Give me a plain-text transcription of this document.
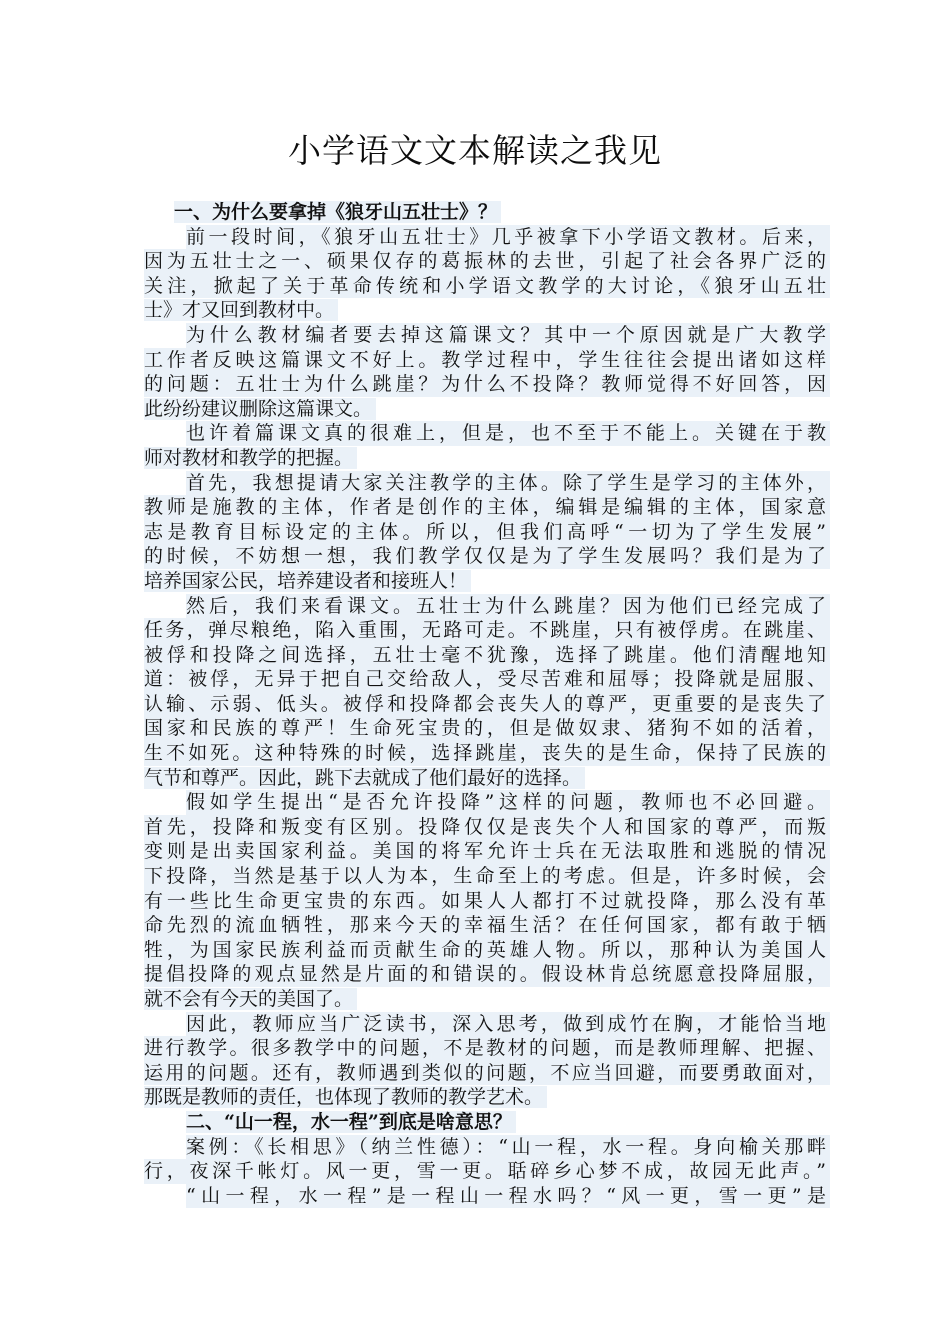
小学语文文本解读之我见
一、为什么要拿掉《狼牙山五壮士》？
前一段时间，《狼牙山五壮士》几乎被拿下小学语文教材。后来，
因为五壮士之一、硕果仅存的葛振林的去世，引起了社会各界广泛的
关注，掀起了关于革命传统和小学语文教学的大讨论，《狼牙山五壮
士》才又回到教材中。
为什么教材编者要去掉这篇课文？其中一个原因就是广大教学
工作者反映这篇课文不好上。教学过程中，学生往往会提出诸如这样
的问题：五壮士为什么跳崖？为什么不投降？教师觉得不好回答，因
此纷纷建议删除这篇课文。
也许着篇课文真的很难上，但是，也不至于不能上。关键在于教
师对教材和教学的把握。
首先，我想提请大家关注教学的主体。除了学生是学习的主体外，
教师是施教的主体，作者是创作的主体，编辑是编辑的主体，国家意
志是教育目标设定的主体。所以，但我们高呼“一切为了学生发展”
的时候，不妨想一想，我们教学仅仅是为了学生发展吗？我们是为了
培养国家公民，培养建设者和接班人！
然后，我们来看课文。五壮士为什么跳崖？因为他们已经完成了
任务，弹尽粮绝，陷入重围，无路可走。不跳崖，只有被俘虏。在跳崖、
被俘和投降之间选择，五壮士毫不犹豫，选择了跳崖。他们清醒地知
道：被俘，无异于把自己交给敌人，受尽苦难和屈辱；投降就是屈服、
认输、示弱、低头。被俘和投降都会丧失人的尊严，更重要的是丧失了
国家和民族的尊严！生命死宝贵的，但是做奴隶、猪狗不如的活着，
生不如死。这种特殊的时候，选择跳崖，丧失的是生命，保持了民族的
气节和尊严。因此，跳下去就成了他们最好的选择。
假如学生提出“是否允许投降”这样的问题，教师也不必回避。
首先，投降和叛变有区别。投降仅仅是丧失个人和国家的尊严，而叛
变则是出卖国家利益。美国的将军允许士兵在无法取胜和逃脱的情况
下投降，当然是基于以人为本，生命至上的考虑。但是，许多时候，会
有一些比生命更宝贵的东西。如果人人都打不过就投降，那么没有革
命先烈的流血牺牲，那来今天的幸福生活？在任何国家，都有敢于牺
牲，为国家民族利益而贡献生命的英雄人物。所以，那种认为美国人
提倡投降的观点显然是片面的和错误的。假设林肯总统愿意投降屈服，
就不会有今天的美国了。
因此，教师应当广泛读书，深入思考，做到成竹在胸，才能恰当地
进行教学。很多教学中的问题，不是教材的问题，而是教师理解、把握、
运用的问题。还有，教师遇到类似的问题，不应当回避，而要勇敢面对，
那既是教师的责任，也体现了教师的教学艺术。
二、“山一程，水一程”到底是啥意思？
案例：《长相思》（纳兰性德）：“山一程，水一程。身向榆关那畔
行，夜深千帐灯。风一更，雪一更。聒碎乡心梦不成，故园无此声。”
“山一程，水一程”是一程山一程水吗？“风一更，雪一更”是
